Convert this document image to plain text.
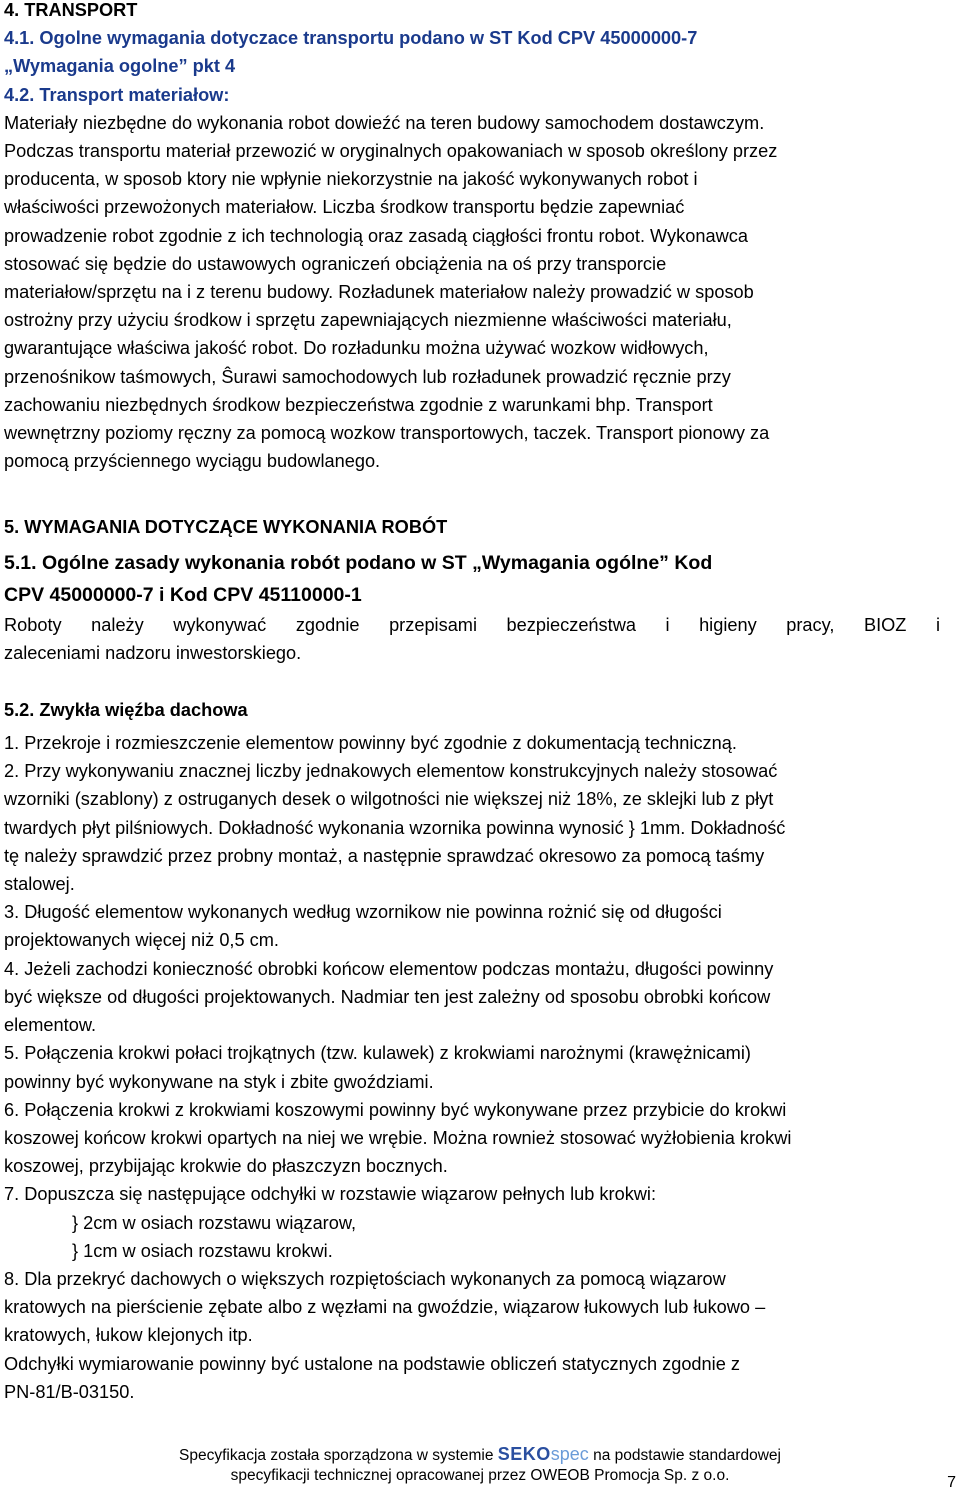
4. TRANSPORT
4.1. Ogolne wymagania dotyczace transportu podano w ST Kod CPV 45000000-7
„Wymagania ogolne” pkt 4
4.2. Transport materiałow:
Materiały niezbędne do wykonania robot dowieźć na teren budowy samochodem dostawczym.
Podczas transportu materiał przewozić w oryginalnych opakowaniach w sposob określony przez
producenta, w sposob ktory nie wpłynie niekorzystnie na jakość wykonywanych robot i
właściwości przewożonych materiałow. Liczba środkow transportu będzie zapewniać
prowadzenie robot zgodnie z ich technologią oraz zasadą ciągłości frontu robot. Wykonawca
stosować się będzie do ustawowych ograniczeń obciążenia na oś przy transporcie
materiałow/sprzętu na i z terenu budowy. Rozładunek materiałow należy prowadzić w sposob
ostrożny przy użyciu środkow i sprzętu zapewniających niezmienne właściwości materiału,
gwarantujące właściwa jakość robot. Do rozładunku można używać wozkow widłowych,
przenośnikow taśmowych, Ŝurawi samochodowych lub rozładunek prowadzić ręcznie przy
zachowaniu niezbędnych środkow bezpieczeństwa zgodnie z warunkami bhp. Transport
wewnętrzny poziomy ręczny za pomocą wozkow transportowych, taczek. Transport pionowy za
pomocą przyściennego wyciągu budowlanego.
5. WYMAGANIA DOTYCZĄCE WYKONANIA ROBÓT
5.1. Ogólne zasady wykonania robót podano w ST „Wymagania ogólne” Kod
CPV 45000000-7 i Kod CPV 45110000-1
Roboty należy wykonywać zgodnie przepisami bezpieczeństwa i higieny pracy, BIOZ i
zaleceniami nadzoru inwestorskiego.
5.2. Zwykła więźba dachowa
1. Przekroje i rozmieszczenie elementow powinny być zgodnie z dokumentacją techniczną.
2. Przy wykonywaniu znacznej liczby jednakowych elementow konstrukcyjnych należy stosować
wzorniki (szablony) z ostruganych desek o wilgotności nie większej niż 18%, ze sklejki lub z płyt
twardych płyt pilśniowych. Dokładność wykonania wzornika powinna wynosić } 1mm. Dokładność
tę należy sprawdzić przez probny montaż, a następnie sprawdzać okresowo za pomocą taśmy
stalowej.
3. Długość elementow wykonanych według wzornikow nie powinna rożnić się od długości
projektowanych więcej niż 0,5 cm.
4. Jeżeli zachodzi konieczność obrobki końcow elementow podczas montażu, długości powinny
być większe od długości projektowanych. Nadmiar ten jest zależny od sposobu obrobki końcow
elementow.
5. Połączenia krokwi połaci trojkątnych (tzw. kulawek) z krokwiami narożnymi (krawężnicami)
powinny być wykonywane na styk i zbite gwoździami.
6. Połączenia krokwi z krokwiami koszowymi powinny być wykonywane przez przybicie do krokwi
koszowej końcow krokwi opartych na niej we wrębie. Można rownież stosować wyżłobienia krokwi
koszowej, przybijając krokwie do płaszczyzn bocznych.
7. Dopuszcza się następujące odchyłki w rozstawie wiązarow pełnych lub krokwi:
} 2cm w osiach rozstawu wiązarow,
} 1cm w osiach rozstawu krokwi.
8. Dla przekryć dachowych o większych rozpiętościach wykonanych za pomocą wiązarow
kratowych na pierścienie zębate albo z węzłami na gwoździe, wiązarow łukowych lub łukowo –
kratowych, łukow klejonych itp.
Odchyłki wymiarowanie powinny być ustalone na podstawie obliczeń statycznych zgodnie z
PN-81/B-03150.
Specyfikacja została sporządzona w systemie SEKOspec na podstawie standardowej
specyfikacji technicznej opracowanej przez OWEOB Promocja Sp. z o.o.	7
